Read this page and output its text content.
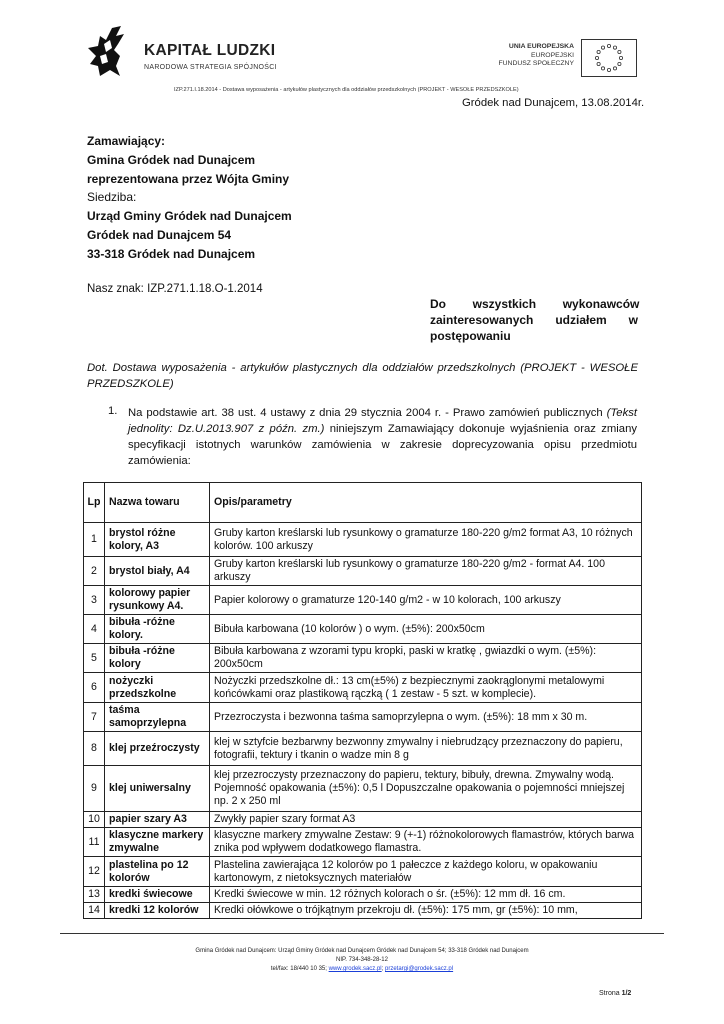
KAPITAŁ LUDZKI
NARODOWA STRATEGIA SPÓJNOŚCI
UNIA EUROPEJSKA
EUROPEJSKI
FUNDUSZ SPOŁECZNY
IZP.271.I.18.2014 - Dostawa wyposażenia - artykułów plastycznych dla oddziałów przedszkolnych (PROJEKT - WESOŁE PRZEDSZKOLE)
Gródek nad Dunajcem, 13.08.2014r.
Zamawiający:
Gmina Gródek nad Dunajcem
reprezentowana przez Wójta Gminy
Siedziba:
Urząd Gminy Gródek nad Dunajcem
Gródek nad Dunajcem 54
33-318 Gródek nad Dunajcem
Nasz znak: IZP.271.1.18.O-1.2014
Do        wszystkich        wykonawców
zainteresowanych    udziałem    w
postępowaniu
Dot. Dostawa wyposażenia - artykułów plastycznych dla oddziałów przedszkolnych (PROJEKT - WESOŁE PRZEDSZKOLE)
1. Na podstawie art. 38 ust. 4 ustawy z dnia 29 stycznia 2004 r. - Prawo zamówień publicznych (Tekst jednolity: Dz.U.2013.907 z późn. zm.) niniejszym Zamawiający dokonuje wyjaśnienia oraz zmiany specyfikacji istotnych warunków zamówienia w zakresie doprecyzowania opisu przedmiotu zamówienia:
Lp	Nazwa towaru	Opis/parametry
1	brystol różne kolory, A3	Gruby karton kreślarski lub rysunkowy o gramaturze 180-220 g/m2 format A3, 10 różnych kolorów. 100 arkuszy
2	brystol biały, A4	Gruby karton kreślarski lub rysunkowy o gramaturze 180-220 g/m2 - format A4. 100 arkuszy
3	kolorowy papier rysunkowy A4.	Papier kolorowy o gramaturze 120-140 g/m2 - w 10 kolorach, 100 arkuszy
4	bibuła -różne kolory.	Bibuła karbowana (10 kolorów ) o wym. (±5%): 200x50cm
5	bibuła -różne kolory	Bibuła karbowana z wzorami typu kropki, paski w kratkę , gwiazdki o wym. (±5%): 200x50cm
6	nożyczki przedszkolne	Nożyczki przedszkolne dł.: 13 cm(±5%) z bezpiecznymi zaokrąglonymi metalowymi końcówkami oraz plastikową rączką ( 1 zestaw - 5 szt. w komplecie).
7	taśma samoprzylepna	Przezroczysta i bezwonna taśma samoprzylepna o wym. (±5%): 18 mm x 30 m.
8	klej przeźroczysty	klej w sztyfcie bezbarwny bezwonny zmywalny i niebrudzący przeznaczony do papieru, fotografii, tektury i tkanin o wadze min 8 g
9	klej uniwersalny	klej przezroczysty przeznaczony do papieru, tektury, bibuły, drewna. Zmywalny wodą. Pojemność opakowania (±5%): 0,5 l Dopuszczalne opakowania o pojemności mniejszej np. 2 x 250 ml
10	papier szary A3	Zwykły papier szary format A3
11	klasyczne markery zmywalne	klasyczne markery zmywalne Zestaw: 9 (+-1) różnokolorowych flamastrów, których barwa znika pod wpływem dodatkowego flamastra.
12	plastelina po 12 kolorów	Plastelina zawierająca 12 kolorów po 1 pałeczce z każdego koloru, w opakowaniu kartonowym, z nietoksycznych materiałów
13	kredki świecowe	Kredki świecowe w min. 12 różnych kolorach o śr. (±5%): 12 mm dł. 16 cm.
14	kredki 12 kolorów	Kredki ołówkowe o trójkątnym przekroju dł. (±5%): 175 mm, gr (±5%): 10 mm,
Gmina Gródek nad Dunajcem: Urząd Gminy Gródek nad Dunajcem Gródek nad Dunajcem 54; 33-318 Gródek nad Dunajcem
NIP. 734-348-28-12
tel/fax: 18/440 10 35; www.grodek.sacz.pl; przetargi@grodek.sacz.pl
Strona 1/2
